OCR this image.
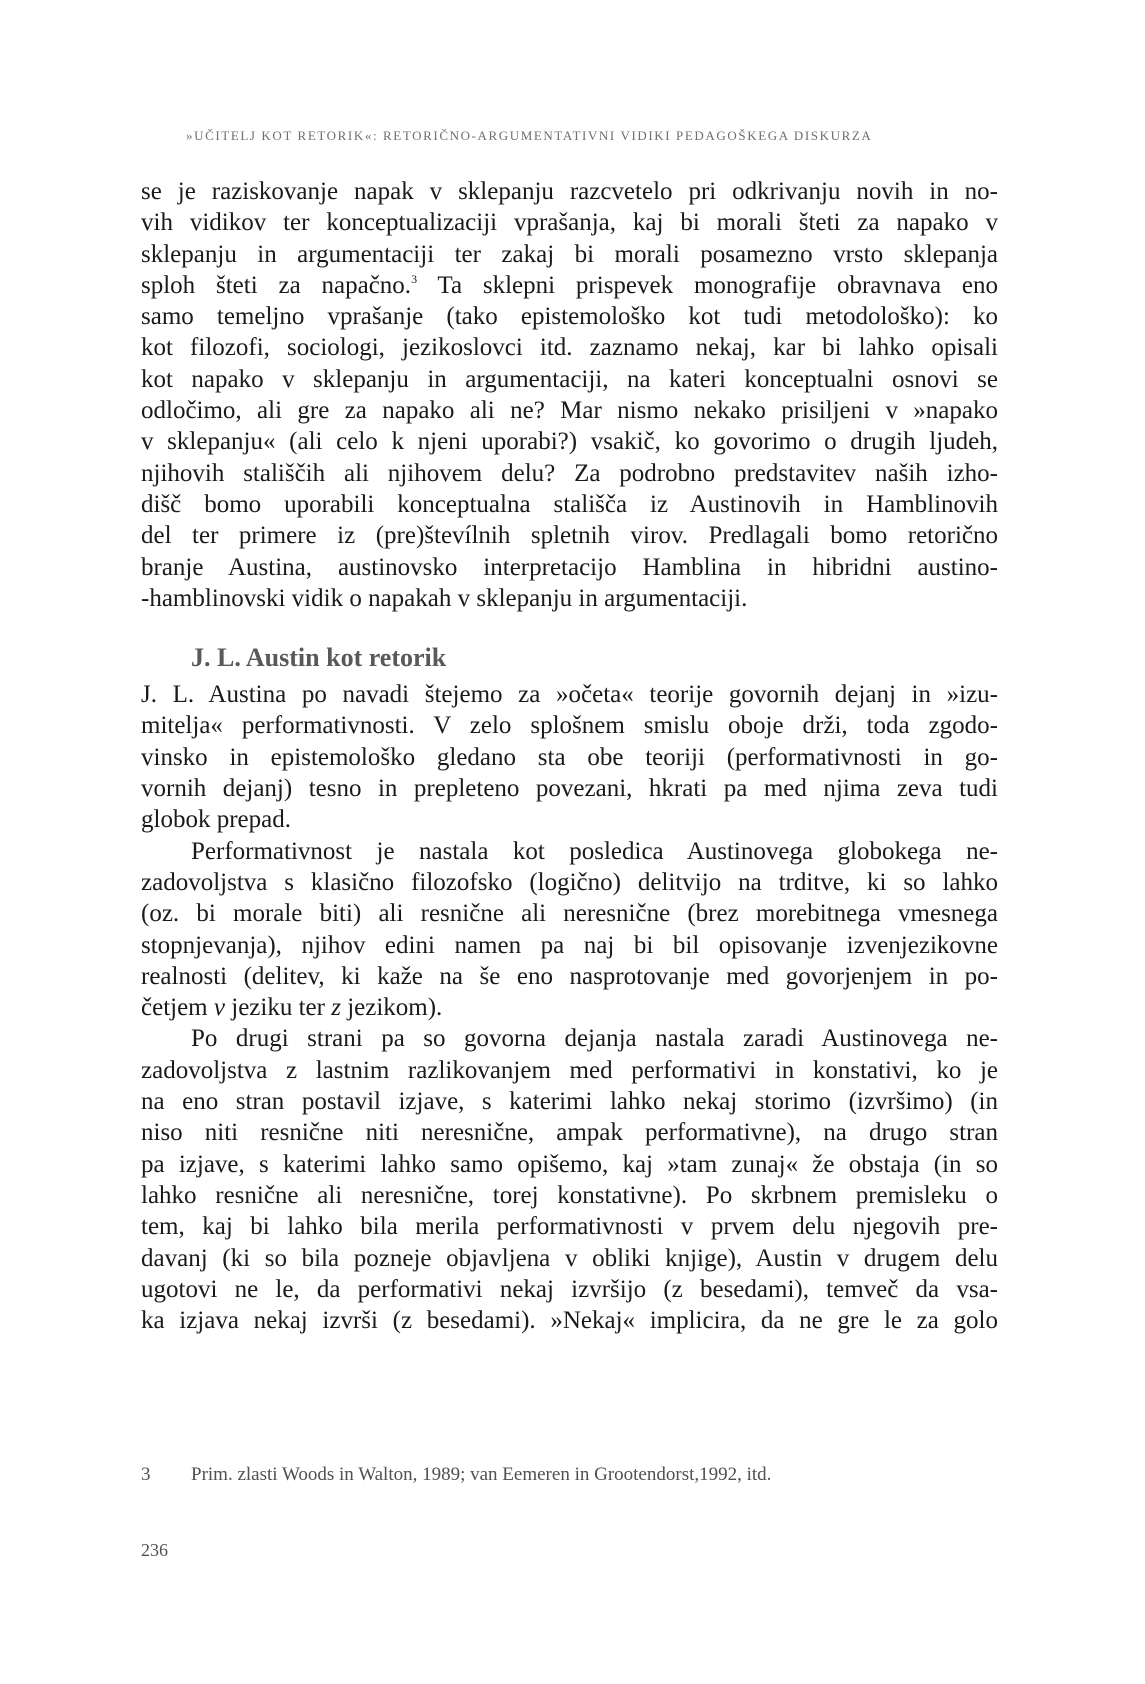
»UČITELJ KOT RETORIK«: RETORIČNO-ARGUMENTATIVNI VIDIKI PEDAGOŠKEGA DISKURZA
se je raziskovanje napak v sklepanju razcvetelo pri odkrivanju novih in no-
vih vidikov ter konceptualizaciji vprašanja, kaj bi morali šteti za napako v
sklepanju in argumentaciji ter zakaj bi morali posamezno vrsto sklepanja
sploh šteti za napačno.$^3$ Ta sklepni prispevek monografije obravnava eno
samo temeljno vprašanje (tako epistemološko kot tudi metodološko): ko
kot filozofi, sociologi, jezikoslovci itd. zaznamo nekaj, kar bi lahko opisali
kot napako v sklepanju in argumentaciji, na kateri konceptualni osnovi se
odločimo, ali gre za napako ali ne? Mar nismo nekako prisiljeni v »napako
v sklepanju« (ali celo k njeni uporabi?) vsakič, ko govorimo o drugih ljudeh,
njihovih stališčih ali njihovem delu? Za podrobno predstavitev naših izho-
dišč bomo uporabili konceptualna stališča iz Austinovih in Hamblinovih
del ter primere iz (pre)števílnih spletnih virov. Predlagali bomo retorično
branje Austina, austinovsko interpretacijo Hamblina in hibridni austino-
-hamblinovski vidik o napakah v sklepanju in argumentaciji.
J. L. Austin kot retorik
J. L. Austina po navadi štejemo za »očeta« teorije govornih dejanj in »izu-
mitelja« performativnosti. V zelo splošnem smislu oboje drži, toda zgodo-
vinsko in epistemološko gledano sta obe teoriji (performativnosti in go-
vornih dejanj) tesno in prepleteno povezani, hkrati pa med njima zeva tudi
globok prepad.
Performativnost je nastala kot posledica Austinovega globokega ne-
zadovoljstva s klasično filozofsko (logično) delitvijo na trditve, ki so lahko
(oz. bi morale biti) ali resnične ali neresnične (brez morebitnega vmesnega
stopnjevanja), njihov edini namen pa naj bi bil opisovanje izvenjezikovne
realnosti (delitev, ki kaže na še eno nasprotovanje med govorjenjem in po-
četjem v jeziku ter z jezikom).
Po drugi strani pa so govorna dejanja nastala zaradi Austinovega ne-
zadovoljstva z lastnim razlikovanjem med performativi in konstativi, ko je
na eno stran postavil izjave, s katerimi lahko nekaj storimo (izvršimo) (in
niso niti resnične niti neresnične, ampak performativne), na drugo stran
pa izjave, s katerimi lahko samo opišemo, kaj »tam zunaj« že obstaja (in so
lahko resnične ali neresnične, torej konstativne). Po skrbnem premisleku o
tem, kaj bi lahko bila merila performativnosti v prvem delu njegovih pre-
davanj (ki so bila pozneje objavljena v obliki knjige), Austin v drugem delu
ugotovi ne le, da performativi nekaj izvršijo (z besedami), temveč da vsa-
ka izjava nekaj izvrši (z besedami). »Nekaj« implicira, da ne gre le za golo
3 Prim. zlasti Woods in Walton, 1989; van Eemeren in Grootendorst,1992, itd.
236
